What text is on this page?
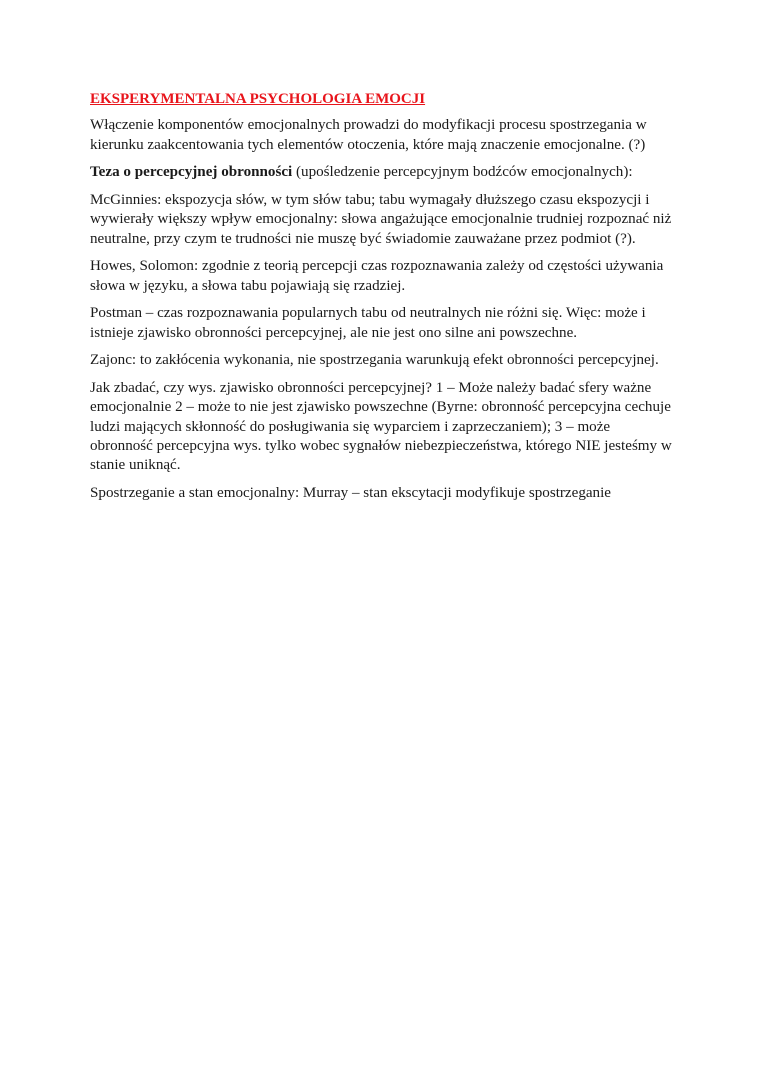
EKSPERYMENTALNA PSYCHOLOGIA EMOCJI

Włączenie komponentów emocjonalnych prowadzi do modyfikacji procesu spostrzegania w kierunku zaakcentowania tych elementów otoczenia, które mają znaczenie emocjonalne. (?)

Teza o percepcyjnej obronności (upośledzenie percepcyjnym bodźców emocjonalnych):

McGinnies: ekspozycja słów, w tym słów tabu; tabu wymagały dłuższego czasu ekspozycji i wywierały większy wpływ emocjonalny: słowa angażujące emocjonalnie trudniej rozpoznać niż neutralne, przy czym te trudności nie muszę być świadomie zauważane przez podmiot (?).

Howes, Solomon: zgodnie z teorią percepcji czas rozpoznawania zależy od częstości używania słowa w języku, a słowa tabu pojawiają się rzadziej.

Postman – czas rozpoznawania popularnych tabu od neutralnych nie różni się. Więc: może i istnieje zjawisko obronności percepcyjnej, ale nie jest ono silne ani powszechne.

Zajonc: to zakłócenia wykonania, nie spostrzegania warunkują efekt obronności percepcyjnej.

Jak zbadać, czy wys. zjawisko obronności percepcyjnej? 1 – Może należy badać sfery ważne emocjonalnie 2 – może to nie jest zjawisko powszechne (Byrne: obronność percepcyjna cechuje ludzi mających skłonność do posługiwania się wyparciem i zaprzeczaniem); 3 – może obronność percepcyjna wys. tylko wobec sygnałów niebezpieczeństwa, którego NIE jesteśmy w stanie uniknąć.

Spostrzeganie a stan emocjonalny: Murray – stan ekscytacji modyfikuje spostrzeganie
